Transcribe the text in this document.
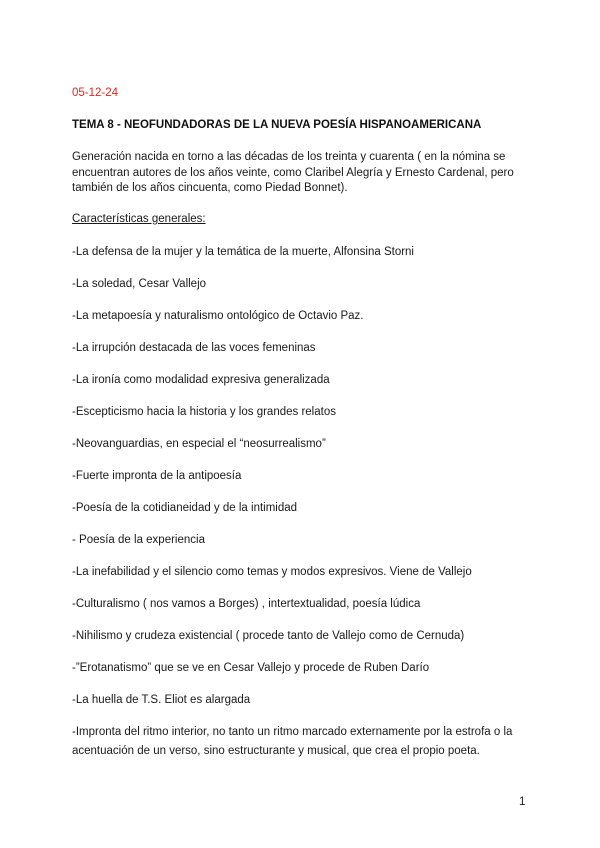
05-12-24
TEMA 8 - NEOFUNDADORAS DE LA NUEVA POESÍA HISPANOAMERICANA

Generación nacida en torno a las décadas de los treinta y cuarenta ( en la nómina se encuentran autores de los años veinte, como Claribel Alegría y Ernesto Cardenal, pero también de los años cincuenta, como Piedad Bonnet).

Características generales:

-La defensa de la mujer y la temática de la muerte, Alfonsina Storni

-La soledad, Cesar Vallejo

-La metapoesía y naturalismo ontológico de Octavio Paz.

-La irrupción destacada de las voces femeninas

-La ironía como modalidad expresiva generalizada

-Escepticismo hacia la historia y los grandes relatos

-Neovanguardias, en especial el “neosurrealismo”

-Fuerte impronta de la antipoesía

-Poesía de la cotidianeidad y de la intimidad

- Poesía de la experiencia

-La inefabilidad y el silencio como temas y modos expresivos. Viene de Vallejo

-Culturalismo ( nos vamos a Borges) , intertextualidad, poesía lúdica

-Nihilismo y crudeza existencial ( procede tanto de Vallejo como de Cernuda)

-”Erotanatismo” que se ve en Cesar Vallejo y procede de Ruben Darío

-La huella de T.S. Eliot es alargada

-Impronta del ritmo interior, no tanto un ritmo marcado externamente por la estrofa o la acentuación de un verso, sino estructurante y musical, que crea el propio poeta.

1
